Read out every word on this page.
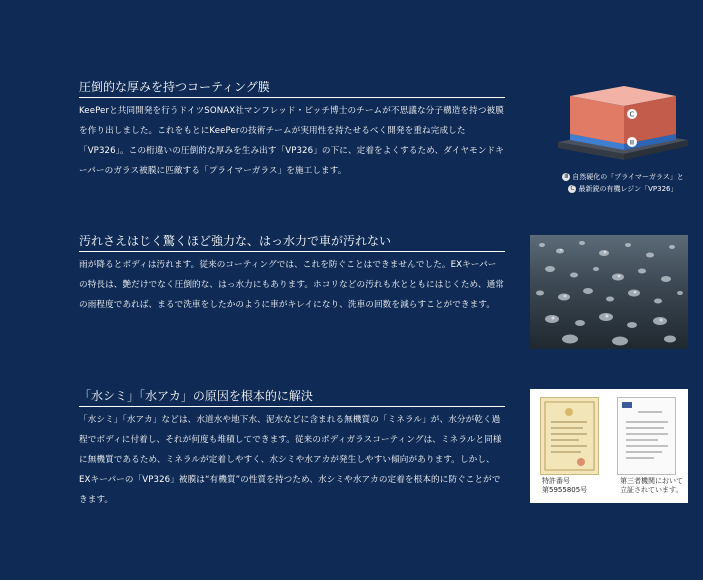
圧倒的な厚みを持つコーティング膜
KeePerと共同開発を行うドイツSONAX社マンフレッド・ピッチ博士のチームが不思議な分子構造を持つ被膜を作り出しました。これをもとにKeePerの技術チームが実用性を持たせるべく開発を重ね完成した「VP326」。この桁違いの圧倒的な厚みを生み出す「VP326」の下に、定着をよくするため、ダイヤモンドキーパーのガラス被膜に匹敵する「プライマーガラス」を施工します。
汚れさえはじく驚くほど強力な、はっ水力で車が汚れない
雨が降るとボディは汚れます。従来のコーティングでは、これを防ぐことはできませんでした。EXキーパーの特長は、艶だけでなく圧倒的な、はっ水力にもあります。ホコリなどの汚れも水とともにはじくため、通常の雨程度であれば、まるで洗車をしたかのように車がキレイになり、洗車の回数を減らすことができます。
「水シミ」「水アカ」の原因を根本的に解決
「水シミ」「水アカ」などは、水道水や地下水、泥水などに含まれる無機質の「ミネラル」が、水分が乾く過程でボディに付着し、それが何度も堆積してできます。従来のボディガラスコーティングは、ミネラルと同様に無機質であるため、ミネラルが定着しやすく、水シミや水アカが発生しやすい傾向があります。しかし、EXキーパーの「VP326」被膜は“有機質”の性質を持つため、水シミや水アカの定着を根本的に防ぐことができます。
C
Ⅲ
Ⅲ 自然硬化の「プライマーガラス」と
C 最新鋭の有機レジン「VP326」
特許番号
第5955805号
第三者機関において
立証されています。
